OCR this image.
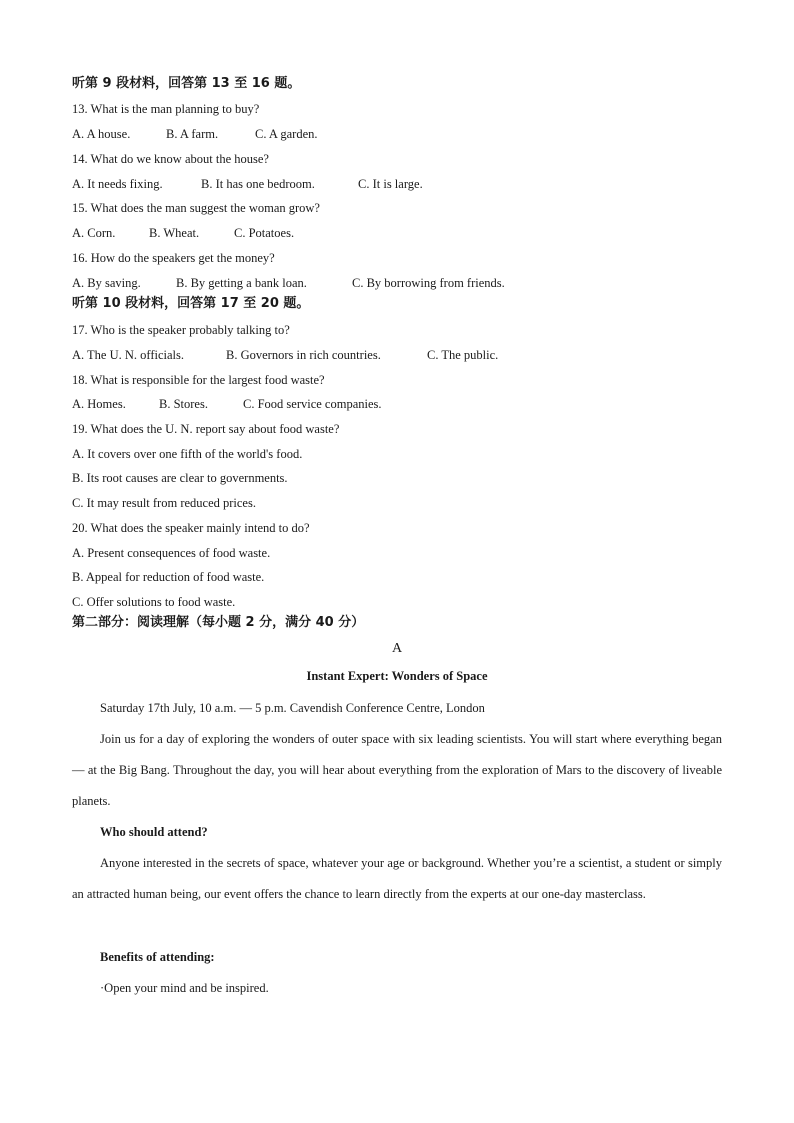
听第 9 段材料，回答第 13 至 16 题。
13. What is the man planning to buy?
A. A house.	B. A farm.	C. A garden.
14. What do we know about the house?
A. It needs fixing.	B. It has one bedroom.	C. It is large.
15. What does the man suggest the woman grow?
A. Corn.	B. Wheat.	C. Potatoes.
16. How do the speakers get the money?
A. By saving.	B. By getting a bank loan.	C. By borrowing from friends.
听第 10 段材料，回答第 17 至 20 题。
17. Who is the speaker probably talking to?
A. The U. N. officials.	B. Governors in rich countries.	C. The public.
18. What is responsible for the largest food waste?
A. Homes.	B. Stores.	C. Food service companies.
19. What does the U. N. report say about food waste?
A. It covers over one fifth of the world's food.
B. Its root causes are clear to governments.
C. It may result from reduced prices.
20. What does the speaker mainly intend to do?
A. Present consequences of food waste.
B. Appeal for reduction of food waste.
C. Offer solutions to food waste.
第二部分：阅读理解（每小题 2 分，满分 40 分）
A
Instant Expert: Wonders of Space
Saturday 17th July, 10 a.m. — 5 p.m. Cavendish Conference Centre, London
Join us for a day of exploring the wonders of outer space with six leading scientists. You will start where everything began — at the Big Bang. Throughout the day, you will hear about everything from the exploration of Mars to the discovery of liveable planets.
Who should attend?
Anyone interested in the secrets of space, whatever your age or background. Whether you’re a scientist, a student or simply an attracted human being, our event offers the chance to learn directly from the experts at our one-day masterclass.
Benefits of attending:
·Open your mind and be inspired.
